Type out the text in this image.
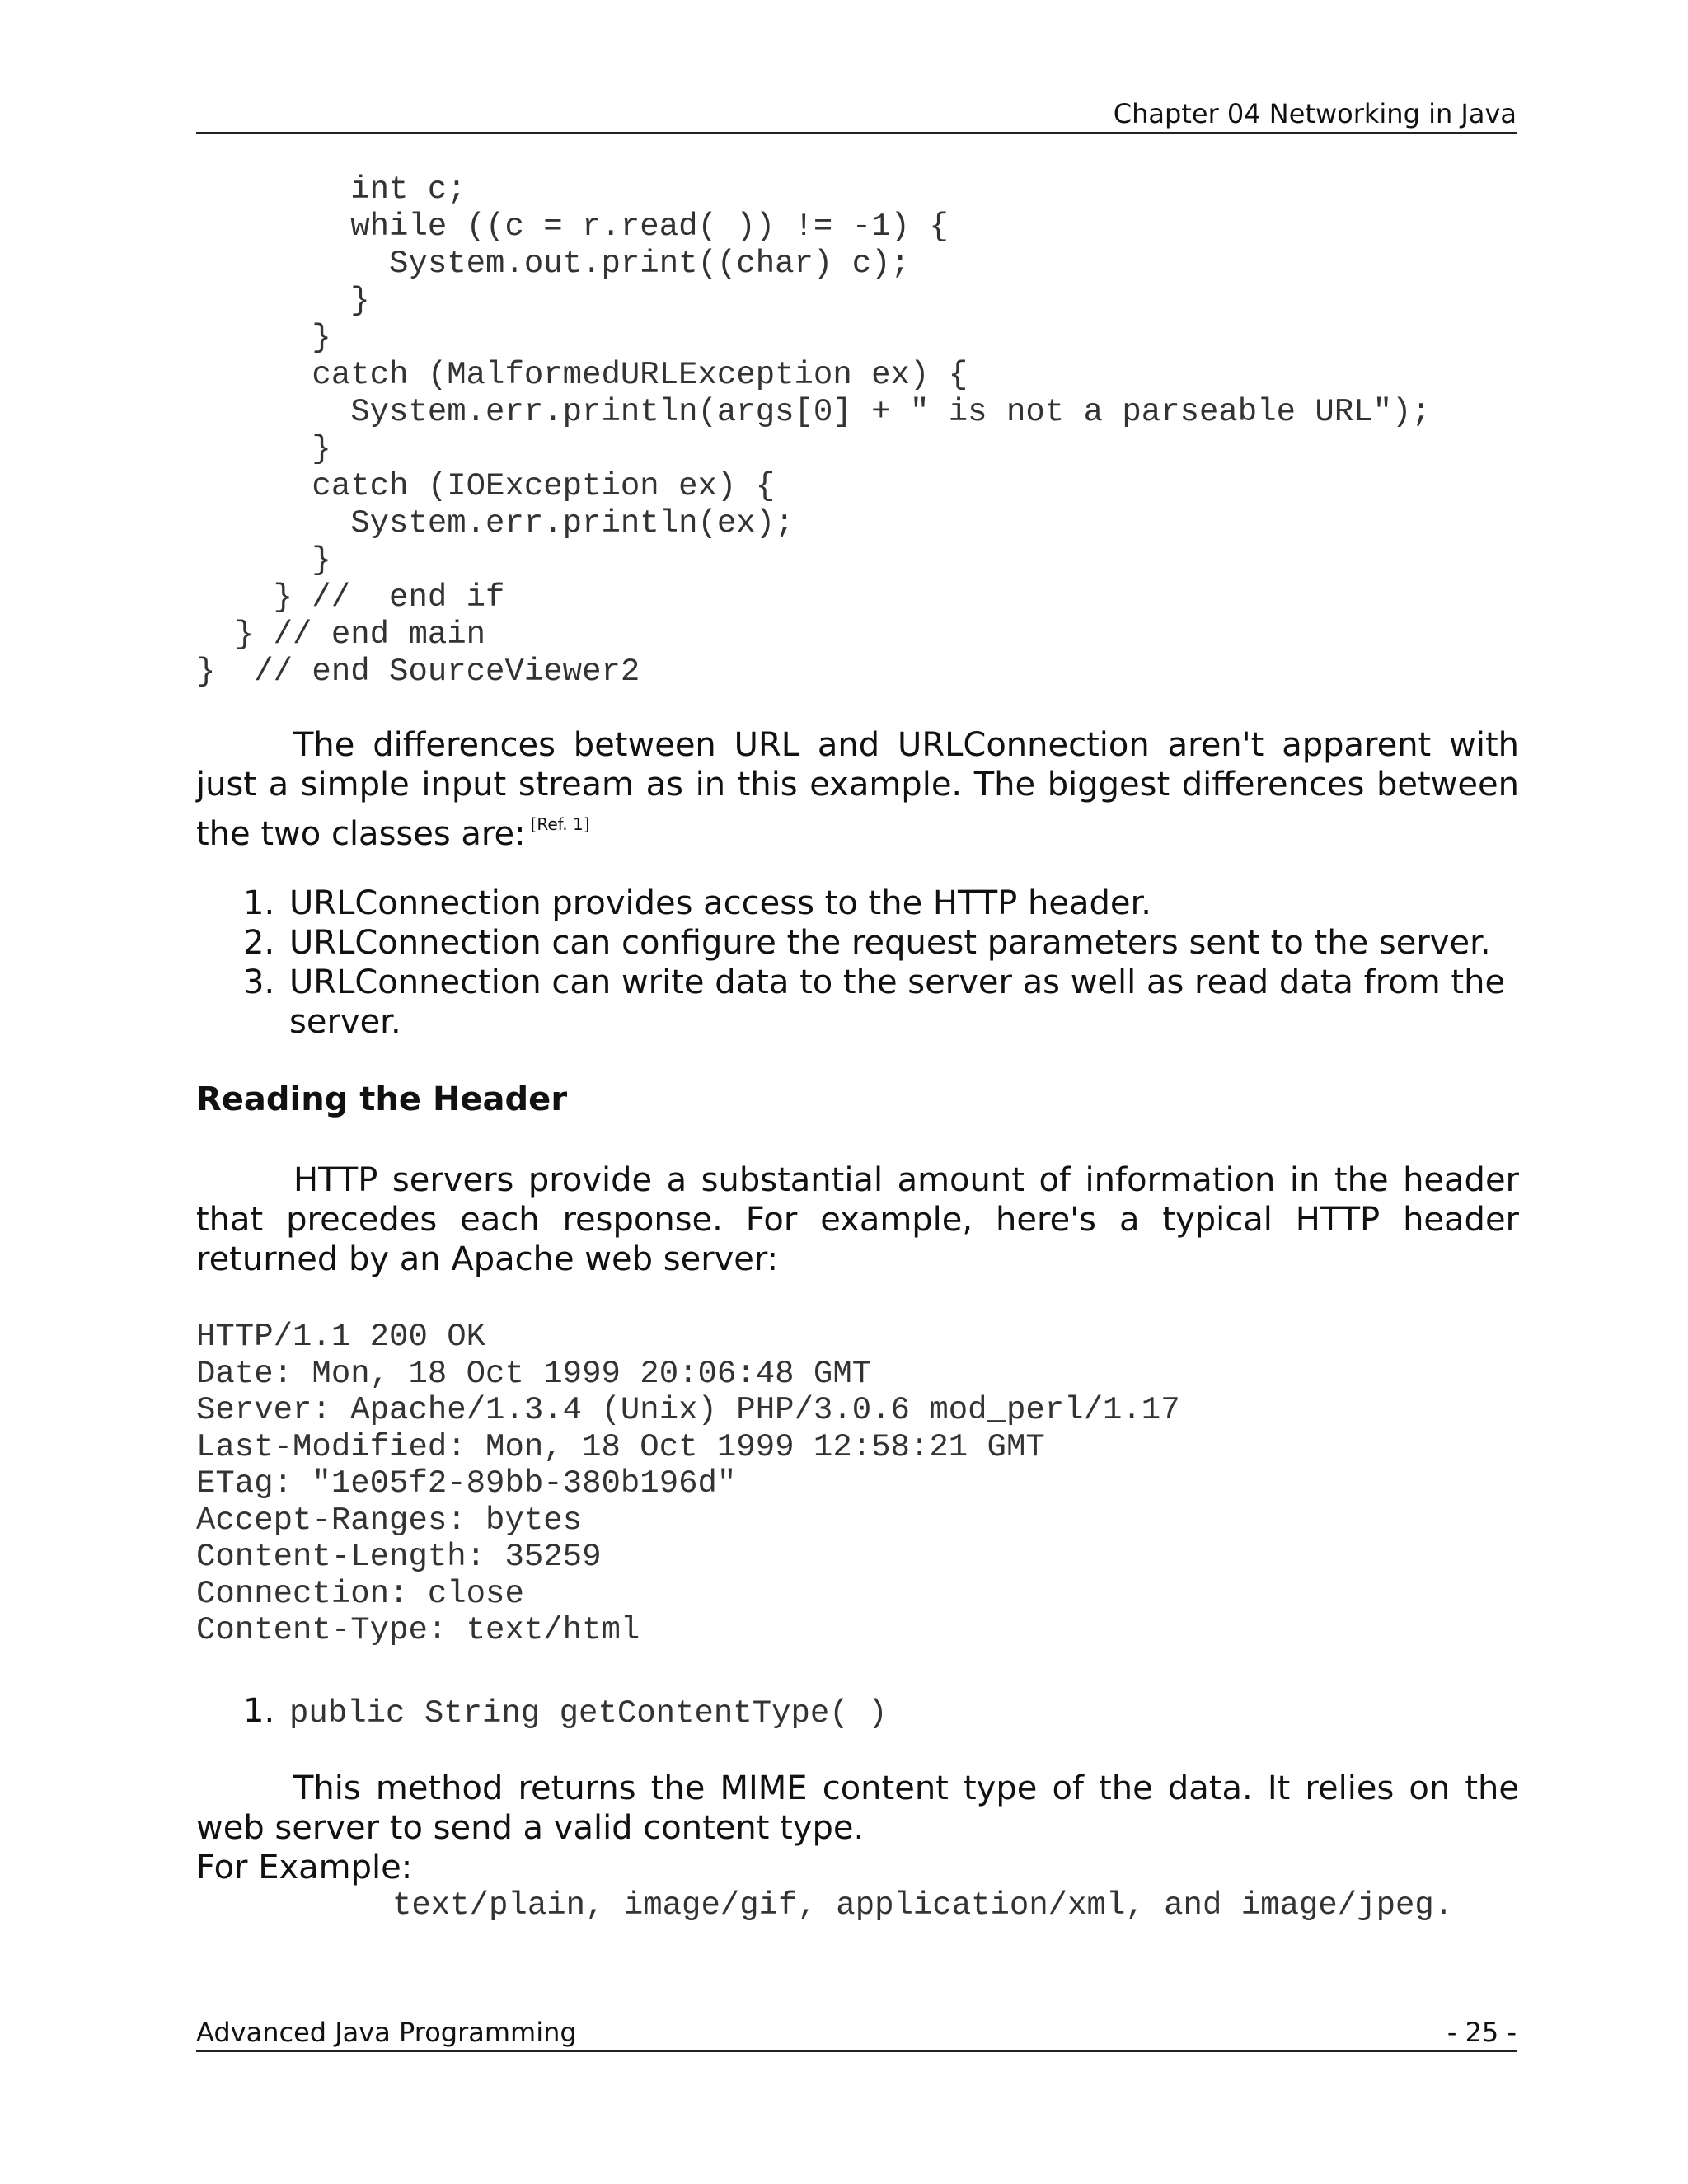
Chapter 04 Networking in Java
int c;
while ((c = r.read( )) != -1) {
System.out.print((char) c);
}
}
catch (MalformedURLException ex) {
System.err.println(args[0] + " is not a parseable URL");
}
catch (IOException ex) {
System.err.println(ex);
}
} //  end if
} // end main
}  // end SourceViewer2

The differences between URL and URLConnection aren't apparent with just a simple input stream as in this example. The biggest differences between the two classes are: [Ref. 1]

1. URLConnection provides access to the HTTP header.
2. URLConnection can configure the request parameters sent to the server.
3. URLConnection can write data to the server as well as read data from the server.
Reading the Header

HTTP servers provide a substantial amount of information in the header that precedes each response. For example, here's a typical HTTP header returned by an Apache web server:

HTTP/1.1 200 OK
Date: Mon, 18 Oct 1999 20:06:48 GMT
Server: Apache/1.3.4 (Unix) PHP/3.0.6 mod_perl/1.17
Last-Modified: Mon, 18 Oct 1999 12:58:21 GMT
ETag: "1e05f2-89bb-380b196d"
Accept-Ranges: bytes
Content-Length: 35259
Connection: close
Content-Type: text/html
1. public String getContentType( )

This method returns the MIME content type of the data. It relies on the web server to send a valid content type.

For Example:

text/plain, image/gif, application/xml, and image/jpeg.
Advanced Java Programming	- 25 -
